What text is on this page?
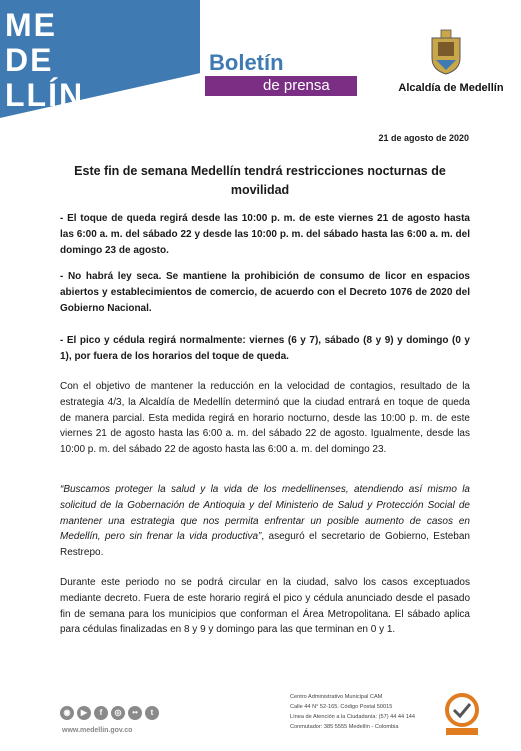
ME
DE
LLÍN
Boletín
de prensa	Alcaldía de Medellín
21 de agosto de 2020
Este fin de semana Medellín tendrá restricciones nocturnas de
movilidad

- El toque de queda regirá desde las 10:00 p. m. de este viernes 21 de agosto hasta las 6:00 a. m. del sábado 22 y desde las 10:00 p. m. del sábado hasta las 6:00 a. m. del domingo 23 de agosto.

- No habrá ley seca. Se mantiene la prohibición de consumo de licor en espacios abiertos y establecimientos de comercio, de acuerdo con el Decreto 1076 de 2020 del Gobierno Nacional.

- El pico y cédula regirá normalmente: viernes (6 y 7), sábado (8 y 9) y domingo (0 y 1), por fuera de los horarios del toque de queda.

Con el objetivo de mantener la reducción en la velocidad de contagios, resultado de la estrategia 4/3, la Alcaldía de Medellín determinó que la ciudad entrará en toque de queda de manera parcial. Esta medida regirá en horario nocturno, desde las 10:00 p. m. de este viernes 21 de agosto hasta las 6:00 a. m. del sábado 22 de agosto. Igualmente, desde las 10:00 p. m. del sábado 22 de agosto hasta las 6:00 a. m. del domingo 23.

“Buscamos proteger la salud y la vida de los medellinenses, atendiendo así mismo la solicitud de la Gobernación de Antioquia y del Ministerio de Salud y Protección Social de mantener una estrategia que nos permita enfrentar un posible aumento de casos en Medellín, pero sin frenar la vida productiva”, aseguró el secretario de Gobierno, Esteban Restrepo.

Durante este periodo no se podrá circular en la ciudad, salvo los casos exceptuados mediante decreto. Fuera de este horario regirá el pico y cédula anunciado desde el pasado fin de semana para los municipios que conforman el Área Metropolitana. El sábado aplica para cédulas finalizadas en 8 y 9 y domingo para las que terminan en 0 y 1.

◉	▶	f	◎	••	t
www.medellin.gov.co
Centro Administrativo Municipal CAM
Calle 44 N° 52-165. Código Postal 50015
Línea de Atención a la Ciudadanía: (57) 44 44 144
Conmutador: 385 5555 Medellín - Colombia
